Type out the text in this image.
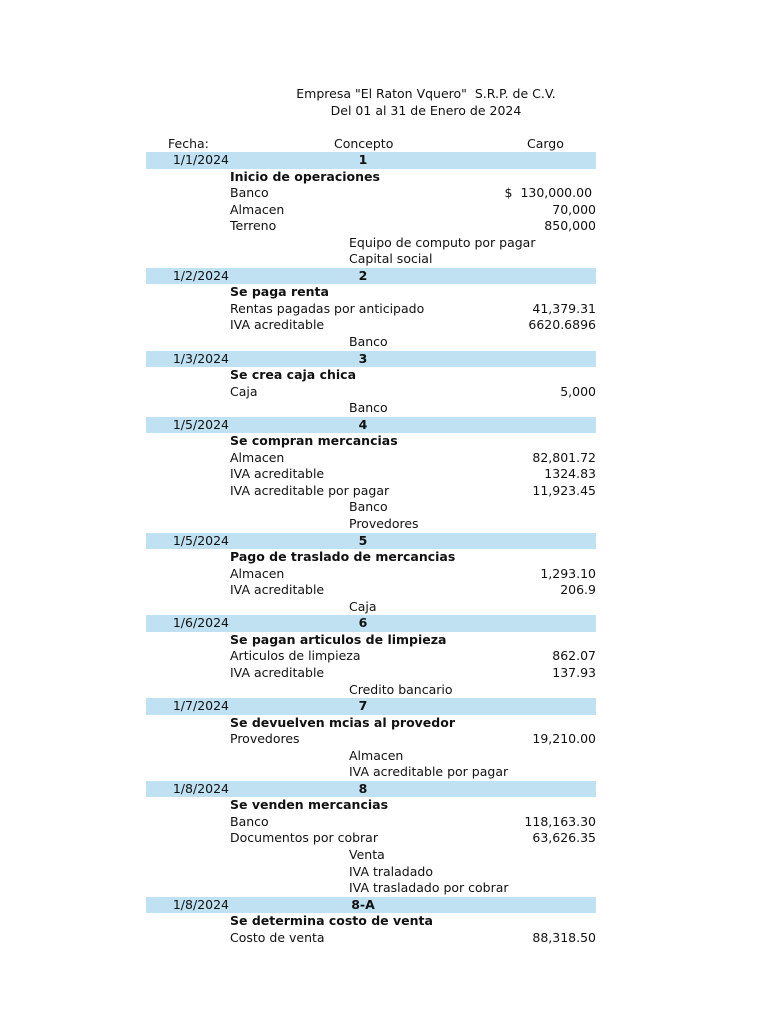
Empresa "El Raton Vquero"  S.R.P. de C.V.
Del 01 al 31 de Enero de 2024
Fecha:	Concepto	Cargo
1/1/2024	1
Inicio de operaciones
Banco	$  130,000.00
Almacen	70,000
Terreno	850,000
Equipo de computo por pagar
Capital social
1/2/2024	2
Se paga renta
Rentas pagadas por anticipado	41,379.31
IVA acreditable	6620.6896
Banco
1/3/2024	3
Se crea caja chica
Caja	5,000
Banco
1/5/2024	4
Se compran mercancias
Almacen	82,801.72
IVA acreditable	1324.83
IVA acreditable por pagar	11,923.45
Banco
Provedores
1/5/2024	5
Pago de traslado de mercancias
Almacen	1,293.10
IVA acreditable	206.9
Caja
1/6/2024	6
Se pagan articulos de limpieza
Articulos de limpieza	862.07
IVA acreditable	137.93
Credito bancario
1/7/2024	7
Se devuelven mcias al provedor
Provedores	19,210.00
Almacen
IVA acreditable por pagar
1/8/2024	8
Se venden mercancias
Banco	118,163.30
Documentos por cobrar	63,626.35
Venta
IVA traladado
IVA trasladado por cobrar
1/8/2024	8-A
Se determina costo de venta
Costo de venta	88,318.50
